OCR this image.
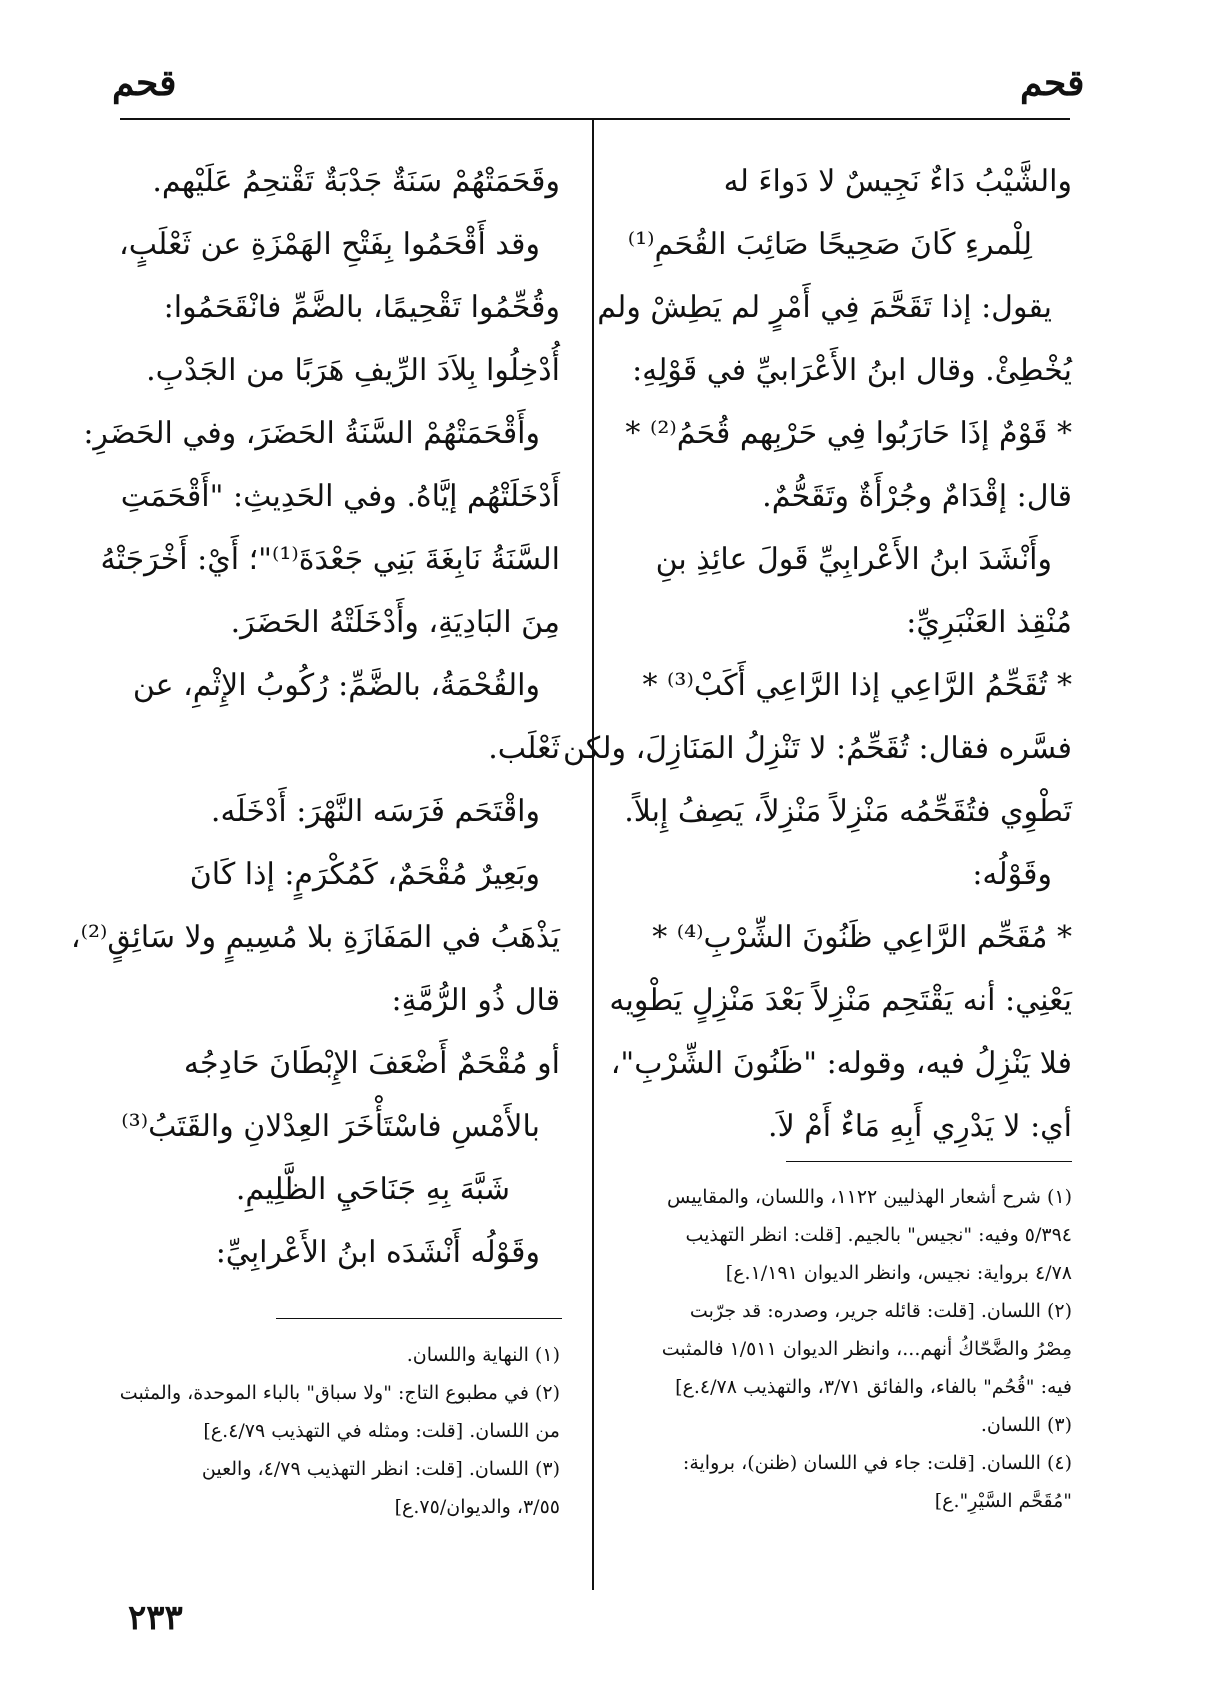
قحم	قحم
والشَّيْبُ دَاءٌ نَجِيسٌ لا دَواءَ له
لِلْمرءِ كَانَ صَحِيحًا صَائِبَ القُحَمِ⁽¹⁾
يقول: إذا تَقَحَّمَ فِي أَمْرٍ لم يَطِشْ ولم
يُخْطِئْ. وقال ابنُ الأَعْرَابيِّ في قَوْلِهِ:
* قَوْمٌ إذَا حَارَبُوا فِي حَرْبِهم قُحَمُ⁽²⁾ *
قال: إقْدَامٌ وجُرْأَةٌ وتَقَحُّمٌ.
وأَنْشَدَ ابنُ الأَعْرابِيِّ قَولَ عائِذِ بنِ
مُنْقِذ العَنْبَرِيِّ:
* تُقَحِّمُ الرَّاعِي إذا الرَّاعِي أَكَبْ⁽³⁾ *
فسَّره فقال: تُقَحِّمُ: لا تَنْزِلُ المَنَازِلَ، ولكن
تَطْوِي فتُقَحِّمُه مَنْزِلاً مَنْزِلاً، يَصِفُ إِبلاً.
وقَوْلُه:
* مُقَحِّم الرَّاعِي ظَنُونَ الشِّرْبِ⁽⁴⁾ *
يَعْنِي: أنه يَقْتَحِم مَنْزِلاً بَعْدَ مَنْزِلٍ يَطْوِيه
فلا يَنْزِلُ فيه، وقوله: "ظَنُونَ الشِّرْبِ"،
أي: لا يَدْرِي أَبِهِ مَاءٌ أَمْ لاَ.
(١) شرح أشعار الهذليين ١١٢٢، واللسان، والمقاييس
٥/٣٩٤ وفيه: "نجيس" بالجيم. [قلت: انظر التهذيب
٤/٧٨ برواية: نجيس، وانظر الديوان ١/١٩١.ع]
(٢) اللسان. [قلت: قائله جرير، وصدره: قد جرّبت
مِصْرُ والضَّحّاكُ أنهم...، وانظر الديوان ١/٥١١ فالمثبت
فيه: "قُحُم" بالفاء، والفائق ٣/٧١، والتهذيب ٤/٧٨.ع]
(٣) اللسان.
(٤) اللسان. [قلت: جاء في اللسان (ظنن)، برواية:
"مُقَحَّم السَّيْرِ".ع]
وقَحَمَتْهُمْ سَنَةٌ جَدْبَةٌ تَقْتحِمُ عَلَيْهم.
وقد أَقْحَمُوا بِفَتْحِ الهَمْزَةِ عن ثَعْلَبٍ،
وقُحِّمُوا تَقْحِيمًا، بالضَّمِّ فانْقَحَمُوا:
أُدْخِلُوا بِلاَدَ الرِّيفِ هَرَبًا من الجَدْبِ.
وأَقْحَمَتْهُمْ السَّنَةُ الحَضَرَ، وفي الحَضَرِ:
أَدْخَلَتْهُم إيَّاهُ. وفي الحَدِيثِ: "أَقْحَمَتِ
السَّنَةُ نَابِغَةَ بَنِي جَعْدَةَ⁽¹⁾"؛ أَيْ: أَخْرَجَتْهُ
مِنَ البَادِيَةِ، وأَدْخَلَتْهُ الحَضَرَ.
والقُحْمَةُ، بالضَّمِّ: رُكُوبُ الإِثْمِ، عن
ثَعْلَب.
واقْتَحَم فَرَسَه النَّهْرَ: أَدْخَلَه.
وبَعِيرٌ مُقْحَمٌ، كَمُكْرَمٍ: إذا كَانَ
يَذْهَبُ في المَفَازَةِ بلا مُسِيمٍ ولا سَائِقٍ⁽²⁾،
قال ذُو الرُّمَّةِ:
أو مُقْحَمٌ أَضْعَفَ الإِبْطَانَ حَادِجُه
بالأَمْسِ فاسْتَأْخَرَ العِدْلانِ والقَتَبُ⁽³⁾
شَبَّهَ بِهِ جَنَاحَيِ الظَّلِيمِ.
وقَوْلُه أَنْشَدَه ابنُ الأَعْرابِيِّ:
(١) النهاية واللسان.
(٢) في مطبوع التاج: "ولا سباق" بالباء الموحدة، والمثبت
من اللسان. [قلت: ومثله في التهذيب ٤/٧٩.ع]
(٣) اللسان. [قلت: انظر التهذيب ٤/٧٩، والعين
٣/٥٥، والديوان/٧٥.ع]
٢٣٣
